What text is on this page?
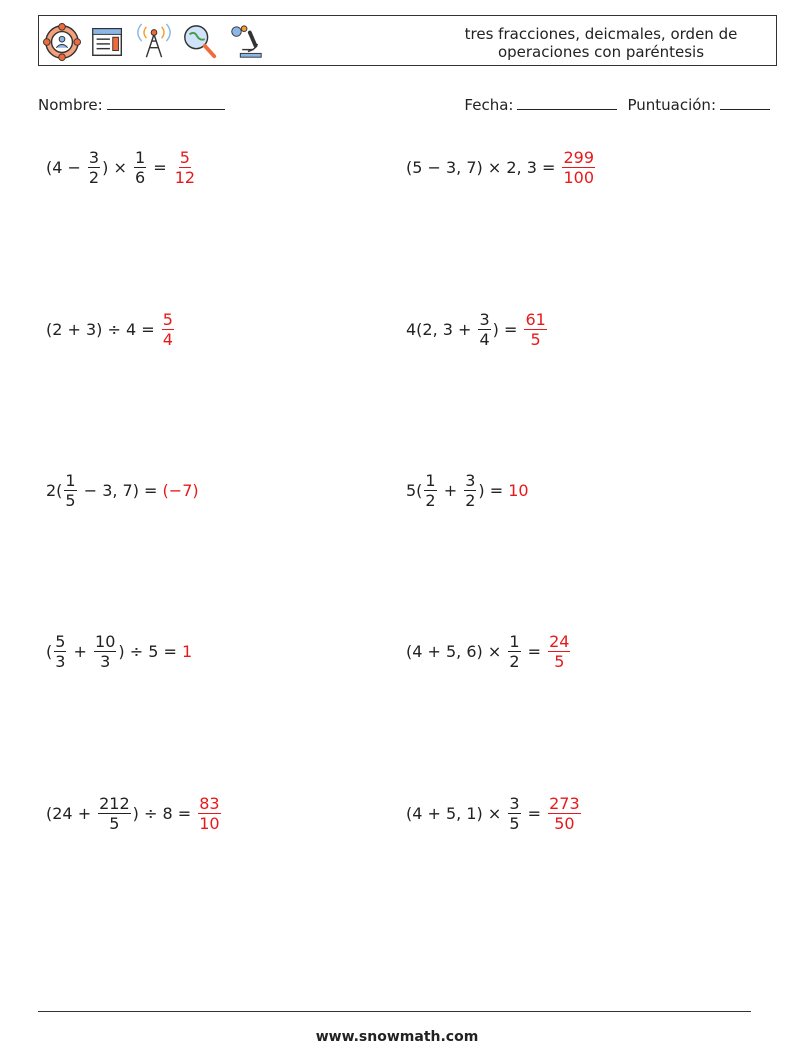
tres fracciones, deicmales, orden de
operaciones con paréntesis
Nombre:	Fecha:	Puntuación:
($4 - \frac{3}{2}$ ) × $\frac{1}{6} = \frac{5}{12}$	(5 − 3, 7) × 2, $3 = \frac{299}{100}$
$(2 + 3) \div 4 = \frac{5}{4}$	4(2, $3 + \frac{3}{4}$ ) = $\frac{61}{5}$
$2( \frac{1}{5} - 3$, 7) = (−7)	$5( \frac{1}{2} + \frac{3}{2}$ ) = 10
( $\frac{5}{3} + \frac{10}{3}$ ) ÷ 5 = 1	(4 + 5, $6) \times \frac{1}{2} = \frac{24}{5}$
($24 + \frac{212}{5}$ ) ÷ $8 = \frac{83}{10}$	(4 + 5, $1) \times \frac{3}{5} = \frac{273}{50}$
www.snowmath.com
